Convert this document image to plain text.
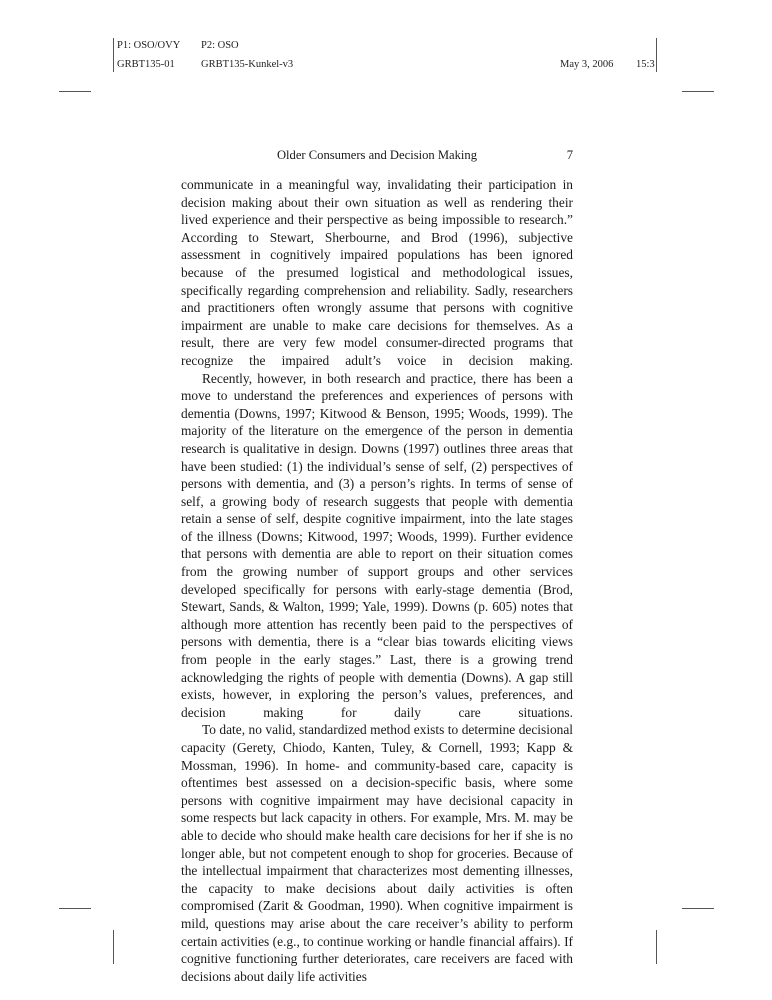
P1: OSO/OVY P2: OSO
GRBT135-01	GRBT135-Kunkel-v3	May 3, 2006 15:3
Older Consumers and Decision Making	7

communicate in a meaningful way, invalidating their participation in decision making about their own situation as well as rendering their lived experience and their perspective as being impossible to research.” According to Stewart, Sherbourne, and Brod (1996), subjective assessment in cognitively impaired populations has been ignored because of the presumed logistical and methodological issues, specifically regarding comprehension and reliability. Sadly, researchers and practitioners often wrongly assume that persons with cognitive impairment are unable to make care decisions for themselves. As a result, there are very few model consumer-directed programs that recognize the impaired adult’s voice in decision making.

Recently, however, in both research and practice, there has been a move to understand the preferences and experiences of persons with dementia (Downs, 1997; Kitwood & Benson, 1995; Woods, 1999). The majority of the literature on the emergence of the person in dementia research is qualitative in design. Downs (1997) outlines three areas that have been studied: (1) the individual’s sense of self, (2) perspectives of persons with dementia, and (3) a person’s rights. In terms of sense of self, a growing body of research suggests that people with dementia retain a sense of self, despite cognitive impairment, into the late stages of the illness (Downs; Kitwood, 1997; Woods, 1999). Further evidence that persons with dementia are able to report on their situation comes from the growing number of support groups and other services developed specifically for persons with early-stage dementia (Brod, Stewart, Sands, & Walton, 1999; Yale, 1999). Downs (p. 605) notes that although more attention has recently been paid to the perspectives of persons with dementia, there is a “clear bias towards eliciting views from people in the early stages.” Last, there is a growing trend acknowledging the rights of people with dementia (Downs). A gap still exists, however, in exploring the person’s values, preferences, and decision making for daily care situations.

To date, no valid, standardized method exists to determine decisional capacity (Gerety, Chiodo, Kanten, Tuley, & Cornell, 1993; Kapp & Mossman, 1996). In home- and community-based care, capacity is oftentimes best assessed on a decision-specific basis, where some persons with cognitive impairment may have decisional capacity in some respects but lack capacity in others. For example, Mrs. M. may be able to decide who should make health care decisions for her if she is no longer able, but not competent enough to shop for groceries. Because of the intellectual impairment that characterizes most dementing illnesses, the capacity to make decisions about daily activities is often compromised (Zarit & Goodman, 1990). When cognitive impairment is mild, questions may arise about the care receiver’s ability to perform certain activities (e.g., to continue working or handle financial affairs). If cognitive functioning further deteriorates, care receivers are faced with decisions about daily life activities
